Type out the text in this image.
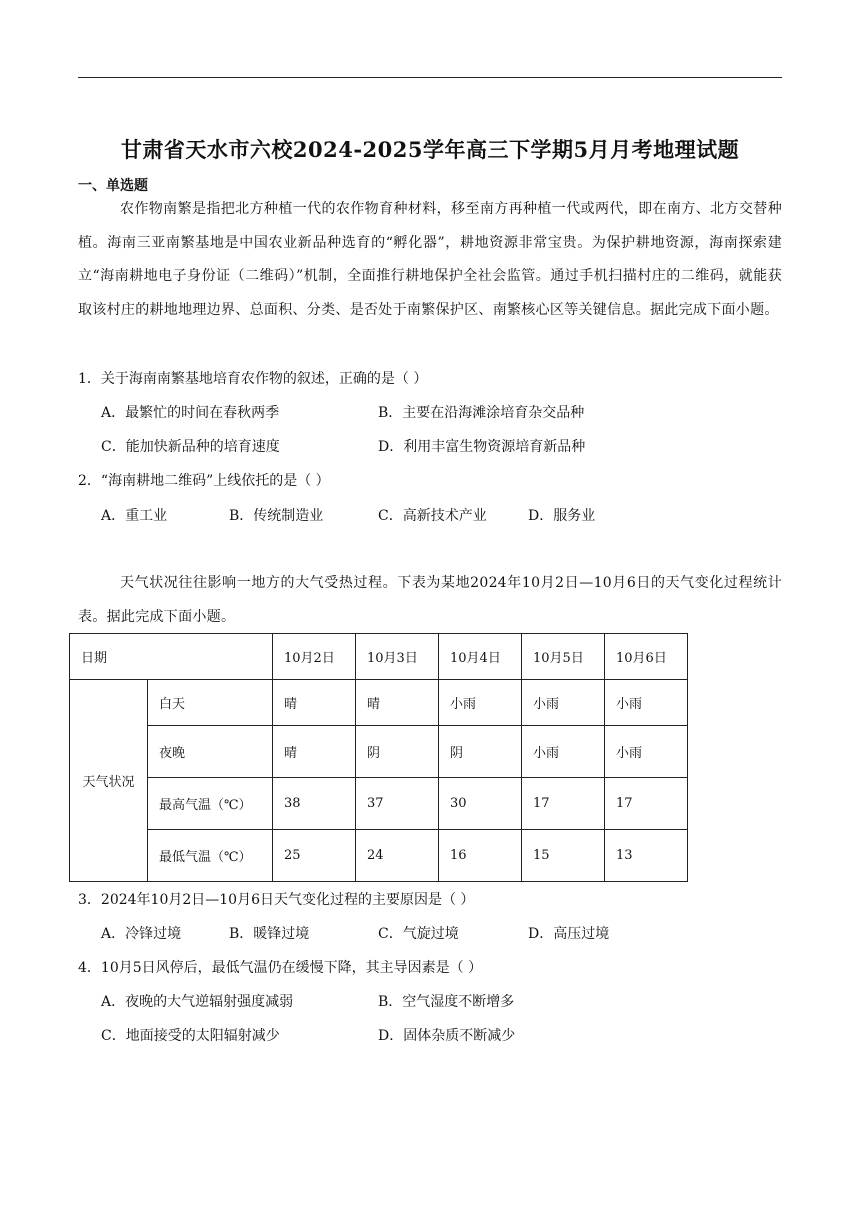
甘肃省天水市六校2024-2025学年高三下学期5月月考地理试题
一、单选题
农作物南繁是指把北方种植一代的农作物育种材料，移至南方再种植一代或两代，即在南方、北方交替种植。海南三亚南繁基地是中国农业新品种选育的“孵化器”，耕地资源非常宝贵。为保护耕地资源，海南探索建立“海南耕地电子身份证（二维码）”机制，全面推行耕地保护全社会监管。通过手机扫描村庄的二维码，就能获取该村庄的耕地地理边界、总面积、分类、是否处于南繁保护区、南繁核心区等关键信息。据此完成下面小题。
1．关于海南南繁基地培育农作物的叙述，正确的是（ ）
A．最繁忙的时间在春秋两季	B．主要在沿海滩涂培育杂交品种
C．能加快新品种的培育速度	D．利用丰富生物资源培育新品种
2．“海南耕地二维码”上线依托的是（ ）
A．重工业	B．传统制造业	C．高新技术产业	D．服务业
天气状况往往影响一地方的大气受热过程。下表为某地2024年10月2日—10月6日的天气变化过程统计表。据此完成下面小题。
日期		10月2日	10月3日	10月4日	10月5日	10月6日
天气状况	白天	晴	晴	小雨	小雨	小雨
	夜晚	晴	阴	阴	小雨	小雨
	最高气温（℃）	38	37	30	17	17
	最低气温（℃）	25	24	16	15	13
3．2024年10月2日—10月6日天气变化过程的主要原因是（ ）
A．冷锋过境	B．暖锋过境	C．气旋过境	D．高压过境
4．10月5日风停后，最低气温仍在缓慢下降，其主导因素是（ ）
A．夜晚的大气逆辐射强度减弱	B．空气湿度不断增多
C．地面接受的太阳辐射减少	D．固体杂质不断减少
